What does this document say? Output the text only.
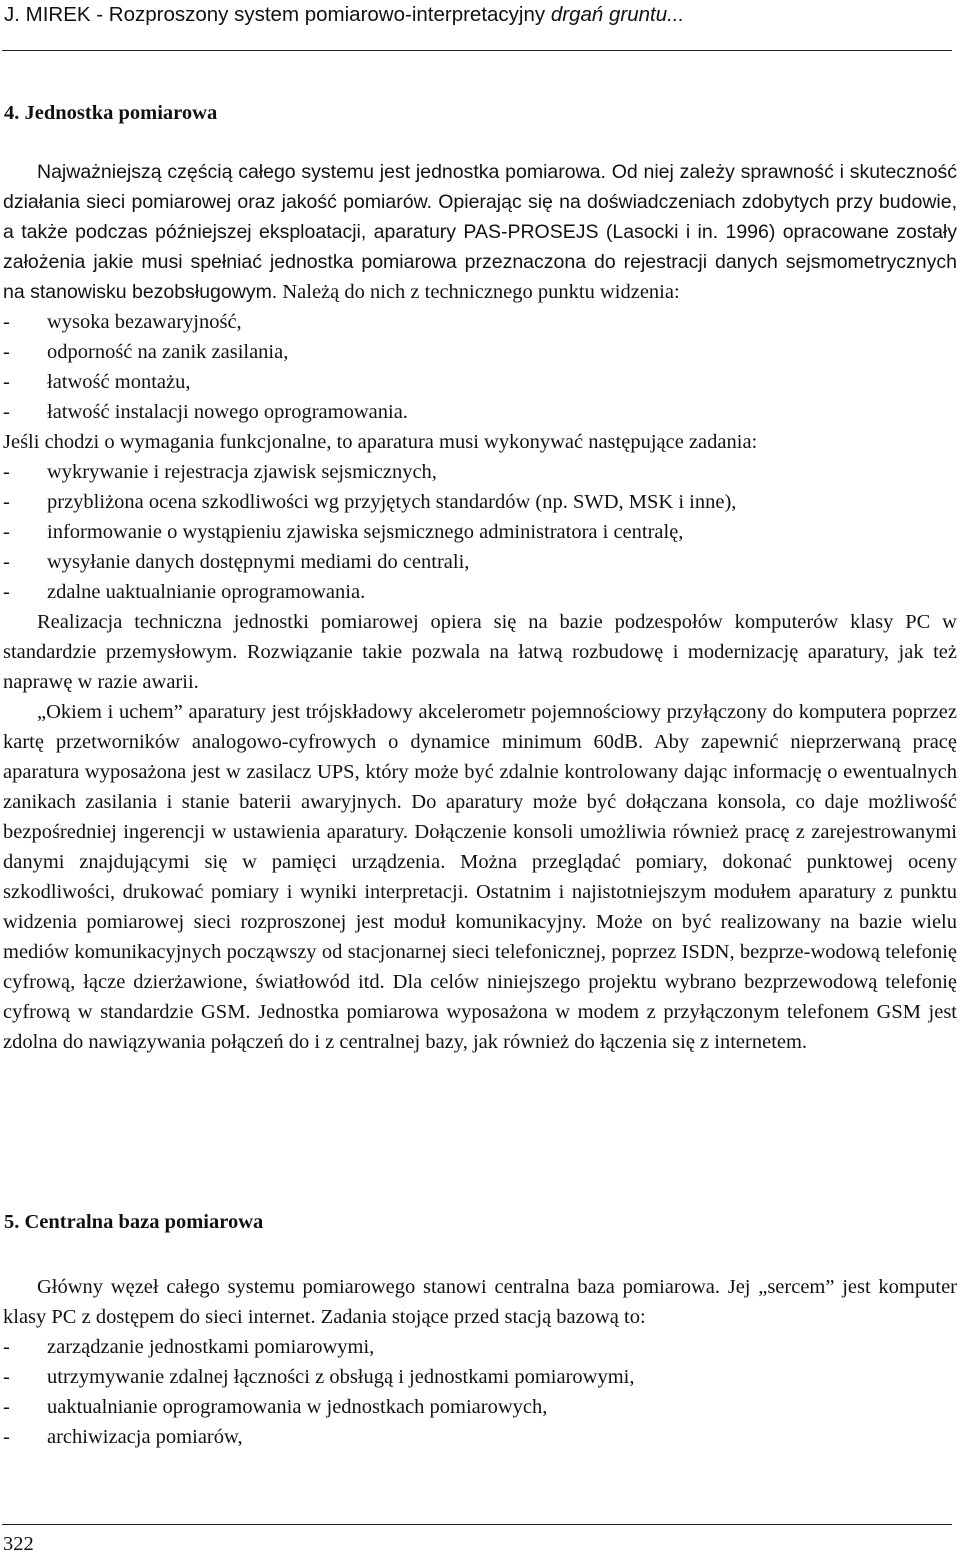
J. MIREK - Rozproszony system pomiarowo-interpretacyjny drgań gruntu...
4. Jednostka pomiarowa

Najważniejszą częścią całego systemu jest jednostka pomiarowa. Od niej zależy sprawność i skuteczność działania sieci pomiarowej oraz jakość pomiarów. Opierając się na doświadczeniach zdobytych przy budowie, a także podczas późniejszej eksploatacji, aparatury PAS-PROSEJS (Lasocki i in. 1996) opracowane zostały założenia jakie musi spełniać jednostka pomiarowa przeznaczona do rejestracji danych sejsmometrycznych na stanowisku bezobsługowym. Należą do nich z technicznego punktu widzenia:

- wysoka bezawaryjność,
- odporność na zanik zasilania,
- łatwość montażu,
- łatwość instalacji nowego oprogramowania.
Jeśli chodzi o wymagania funkcjonalne, to aparatura musi wykonywać następujące zadania:
- wykrywanie i rejestracja zjawisk sejsmicznych,
- przybliżona ocena szkodliwości wg przyjętych standardów (np. SWD, MSK i inne),
- informowanie o wystąpieniu zjawiska sejsmicznego administratora i centralę,
- wysyłanie danych dostępnymi mediami do centrali,
- zdalne uaktualnianie oprogramowania.

Realizacja techniczna jednostki pomiarowej opiera się na bazie podzespołów komputerów klasy PC w standardzie przemysłowym. Rozwiązanie takie pozwala na łatwą rozbudowę i modernizację aparatury, jak też naprawę w razie awarii.

„Okiem i uchem” aparatury jest trójskładowy akcelerometr pojemnościowy przyłączony do komputera poprzez kartę przetworników analogowo-cyfrowych o dynamice minimum 60dB. Aby zapewnić nieprzerwaną pracę aparatura wyposażona jest w zasilacz UPS, który może być zdalnie kontrolowany dając informację o ewentualnych zanikach zasilania i stanie baterii awaryjnych. Do aparatury może być dołączana konsola, co daje możliwość bezpośredniej ingerencji w ustawienia aparatury. Dołączenie konsoli umożliwia również pracę z zarejestrowanymi danymi znajdującymi się w pamięci urządzenia. Można przeglądać pomiary, dokonać punktowej oceny szkodliwości, drukować pomiary i wyniki interpretacji. Ostatnim i najistotniejszym modułem aparatury z punktu widzenia pomiarowej sieci rozproszonej jest moduł komunikacyjny. Może on być realizowany na bazie wielu mediów komunikacyjnych począwszy od stacjonarnej sieci telefonicznej, poprzez ISDN, bezprze-wodową telefonię cyfrową, łącze dzierżawione, światłowód itd. Dla celów niniejszego projektu wybrano bezprzewodową telefonię cyfrową w standardzie GSM. Jednostka pomiarowa wyposażona w modem z przyłączonym telefonem GSM jest zdolna do nawiązywania połączeń do i z centralnej bazy, jak również do łączenia się z internetem.

5. Centralna baza pomiarowa

Główny węzeł całego systemu pomiarowego stanowi centralna baza pomiarowa. Jej „sercem” jest komputer klasy PC z dostępem do sieci internet. Zadania stojące przed stacją bazową to:

- zarządzanie jednostkami pomiarowymi,
- utrzymywanie zdalnej łączności z obsługą i jednostkami pomiarowymi,
- uaktualnianie oprogramowania w jednostkach pomiarowych,
- archiwizacja pomiarów,
322
